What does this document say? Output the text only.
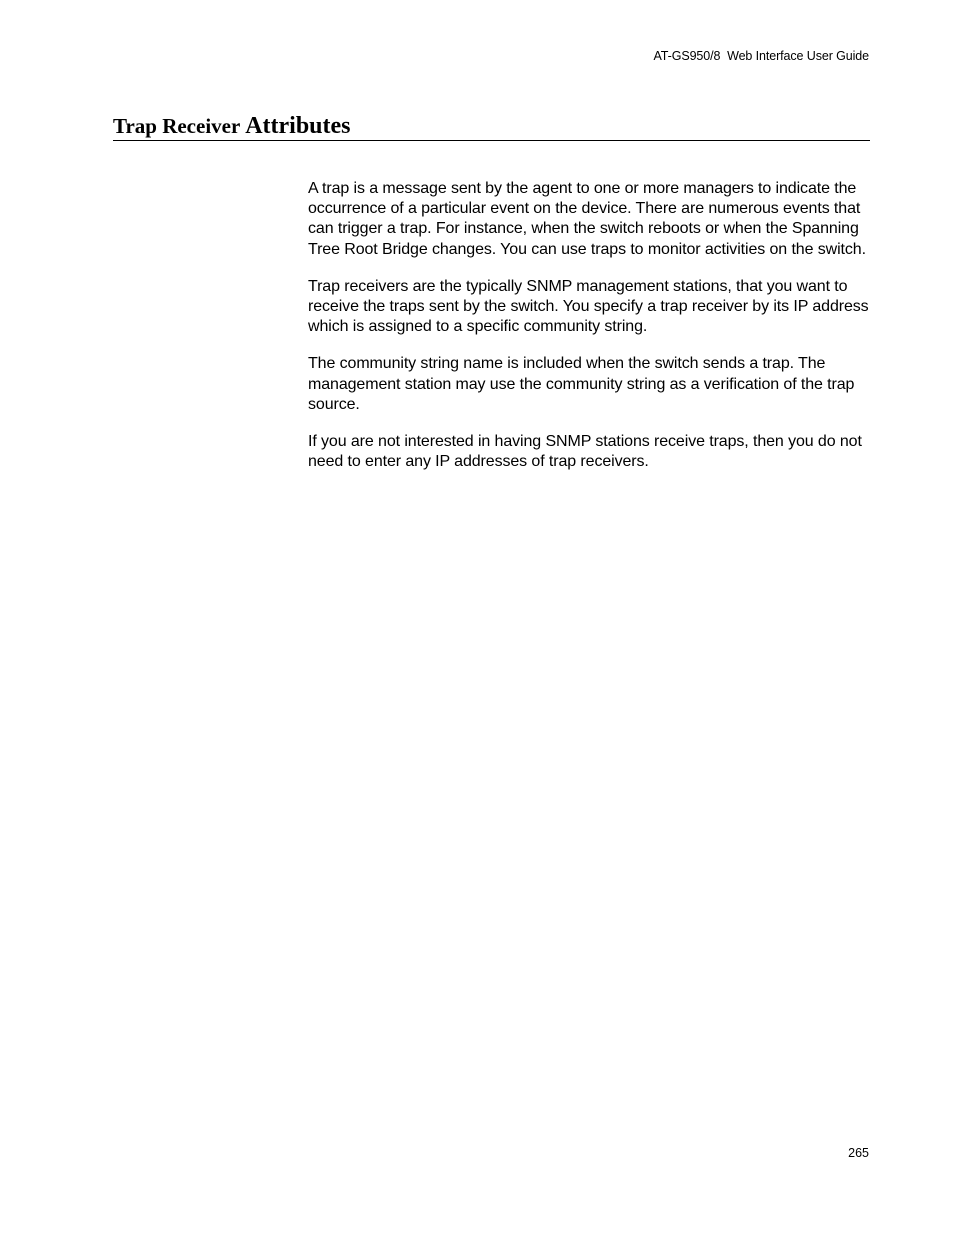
AT-GS950/8  Web Interface User Guide
Trap Receiver Attributes

A trap is a message sent by the agent to one or more managers to indicate the occurrence of a particular event on the device. There are numerous events that can trigger a trap. For instance, when the switch reboots or when the Spanning Tree Root Bridge changes. You can use traps to monitor activities on the switch.

Trap receivers are the typically SNMP management stations, that you want to receive the traps sent by the switch. You specify a trap receiver by its IP address which is assigned to a specific community string.

The community string name is included when the switch sends a trap. The management station may use the community string as a verification of the trap source.

If you are not interested in having SNMP stations receive traps, then you do not need to enter any IP addresses of trap receivers.

265
